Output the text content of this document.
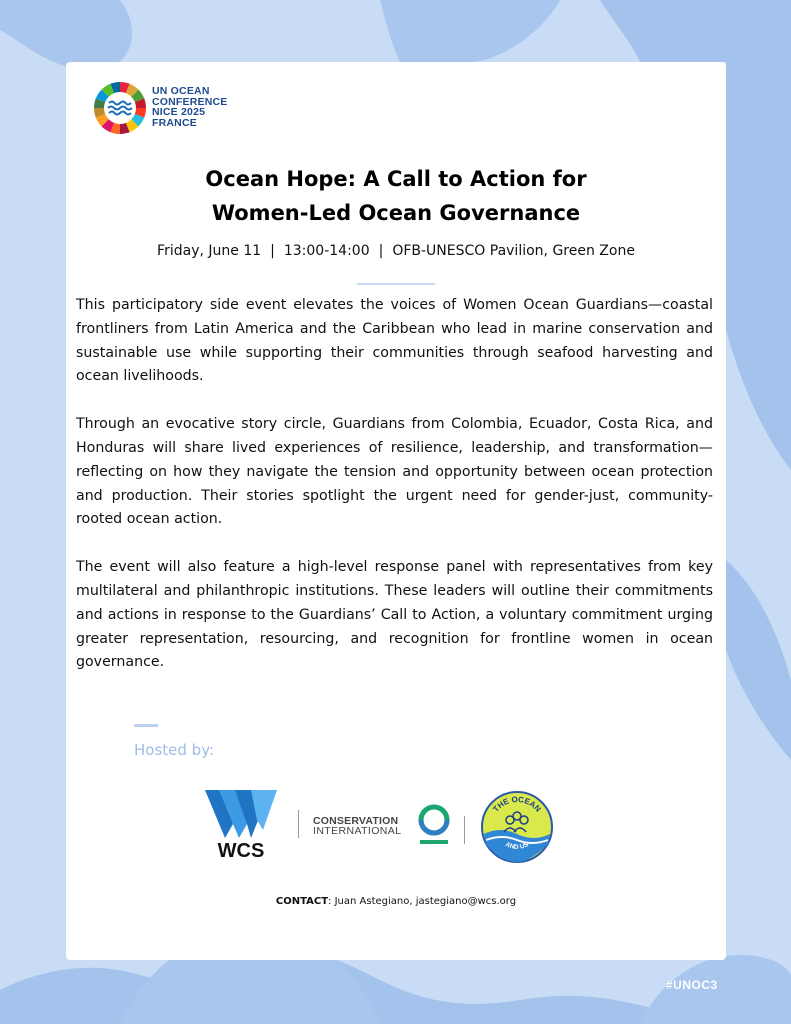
UN OCEAN
CONFERENCE
NICE 2025
FRANCE
Ocean Hope: A Call to Action for
Women-Led Ocean Governance
Friday, June 11 | 13:00-14:00 | OFB-UNESCO Pavilion, Green Zone

This participatory side event elevates the voices of Women Ocean Guardians—coastal frontliners from Latin America and the Caribbean who lead in marine conservation and sustainable use while supporting their communities through seafood harvesting and ocean livelihoods.

Through an evocative story circle, Guardians from Colombia, Ecuador, Costa Rica, and Honduras will share lived experiences of resilience, leadership, and transformation—reflecting on how they navigate the tension and opportunity between ocean protection and production. Their stories spotlight the urgent need for gender-just, community-rooted ocean action.

The event will also feature a high-level response panel with representatives from key multilateral and philanthropic institutions. These leaders will outline their commitments and actions in response to the Guardians’ Call to Action, a voluntary commitment urging greater representation, resourcing, and recognition for frontline women in ocean governance.

Hosted by:
WCS
CONSERVATION
INTERNATIONAL
THE OCEAN
AND US
CONTACT: Juan Astegiano, jastegiano@wcs.org
#UNOC3
